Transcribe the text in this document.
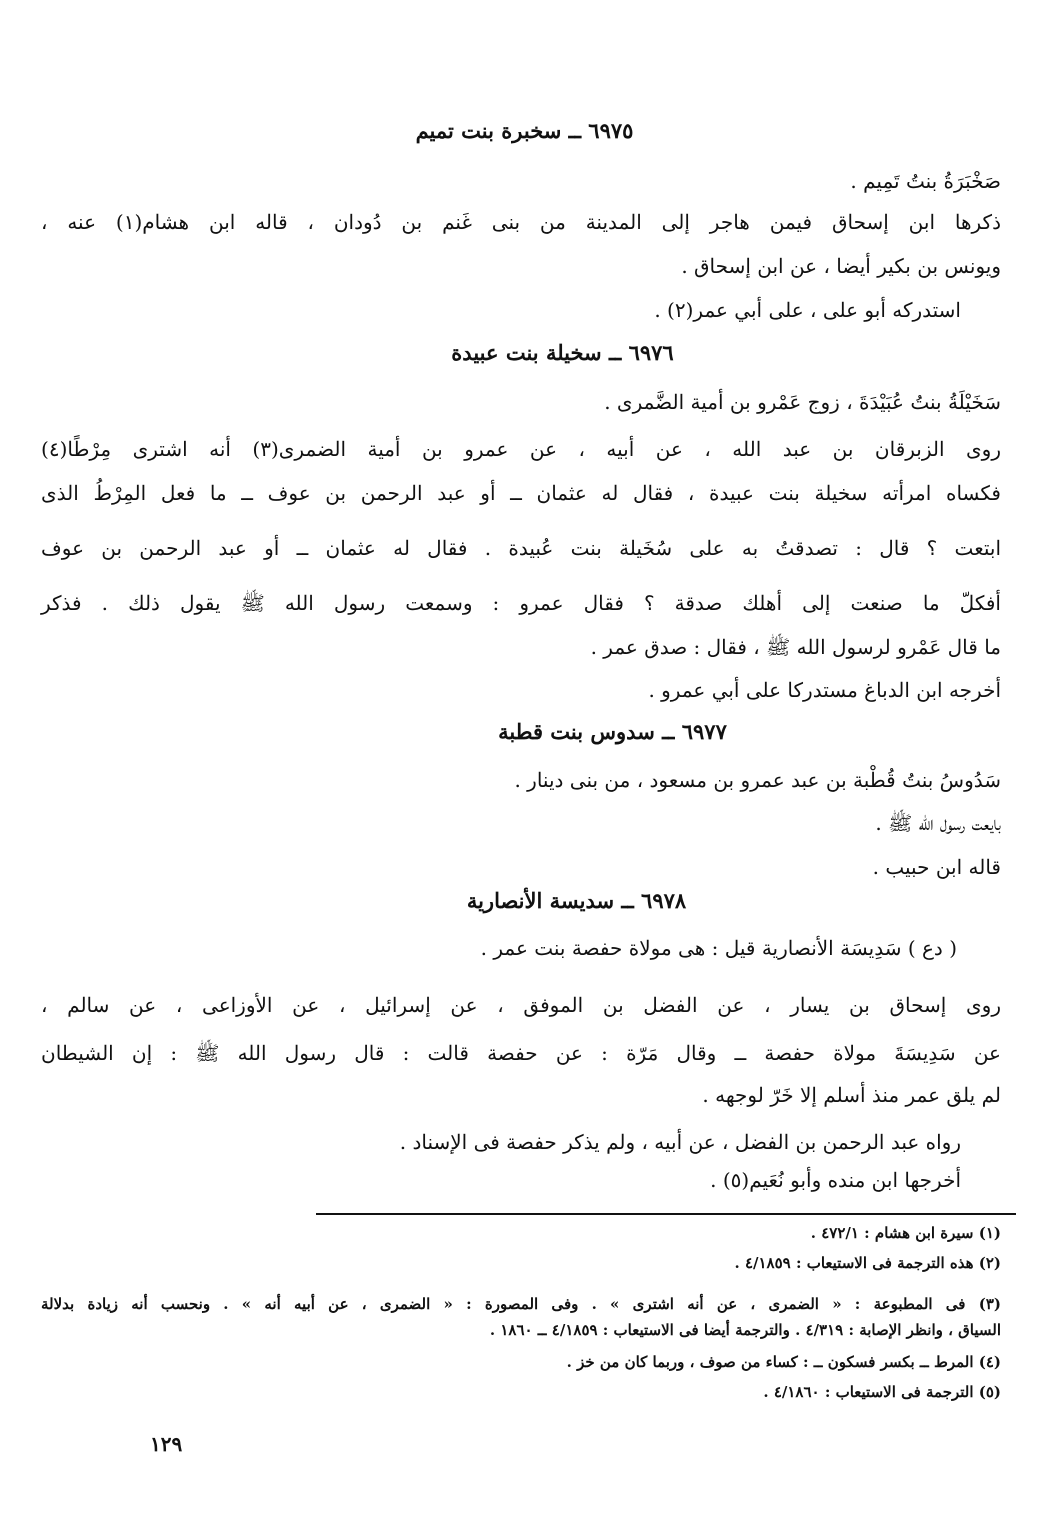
٦٩٧٥ ــ سخبرة بنت تميم
صَخْبَرَةُ بنتُ تَمِيم .
ذكرها ابن إسحاق فيمن هاجر إلى المدينة من بنى غَنم بن دُودان ، قاله ابن هشام(١) عنه ،
ويونس بن بكير أيضا ، عن ابن إسحاق .
استدركه أبو على ، على أبي عمر(٢) .
٦٩٧٦ ــ سخيلة بنت عبيدة
سَخَيْلَةُ بنتُ عُبَيْدَةَ ، زوج عَمْرو بن أمية الضَّمرى .
روى الزبرقان بن عبد الله ، عن أبيه ، عن عمرو بن أمية الضمرى(٣) أنه اشترى مِرْطًا(٤)
فكساه امرأته سخيلة بنت عبيدة ، فقال له عثمان ــ أو عبد الرحمن بن عوف ــ ما فعل المِرْطُ الذى
ابتعت ؟ قال : تصدقتُ به على سُخَيلة بنت عُبيدة . فقال له عثمان ــ أو عبد الرحمن بن عوف
أفكلّ ما صنعت إلى أهلك صدقة ؟ فقال عمرو : وسمعت رسول الله ﷺ يقول ذلك . فذكر
ما قال عَمْرو لرسول الله ﷺ ، فقال : صدق عمر .
أخرجه ابن الدباغ مستدركا على أبي عمرو .
٦٩٧٧ ــ سدوس بنت قطبة
سَدُوسُ بنتُ قُطْبة بن عبد عمرو بن مسعود ، من بنى دينار .
بايعت رسول الله ﷺ .
قاله ابن حبيب .
٦٩٧٨ ــ سديسة الأنصارية
( دع ) سَدِيسَة الأنصارية قيل : هى مولاة حفصة بنت عمر .
روى إسحاق بن يسار ، عن الفضل بن الموفق ، عن إسرائيل ، عن الأوزاعى ، عن سالم ،
عن سَدِيسَةَ مولاة حفصة ــ وقال مَرّة : عن حفصة قالت : قال رسول الله ﷺ : إن الشيطان
لم يلق عمر منذ أسلم إلا خَرّ لوجهه .
رواه عبد الرحمن بن الفضل ، عن أبيه ، ولم يذكر حفصة فى الإسناد .
أخرجها ابن منده وأبو نُعَيم(٥) .
(١) سيرة ابن هشام : ٤٧٢/١ .
(٢) هذه الترجمة فى الاستيعاب : ٤/١٨٥٩ .
(٣) فى المطبوعة : « الضمرى ، عن أنه اشترى » . وفى المصورة : « الضمرى ، عن أبيه أنه » . ونحسب أنه زيادة بدلالة
السياق ، وانظر الإصابة : ٤/٣١٩ . والترجمة أيضا فى الاستيعاب : ٤/١٨٥٩ ــ ١٨٦٠ .
(٤) المرط ــ بكسر فسكون ــ : كساء من صوف ، وربما كان من خز .
(٥) الترجمة فى الاستيعاب : ٤/١٨٦٠ .
١٢٩
